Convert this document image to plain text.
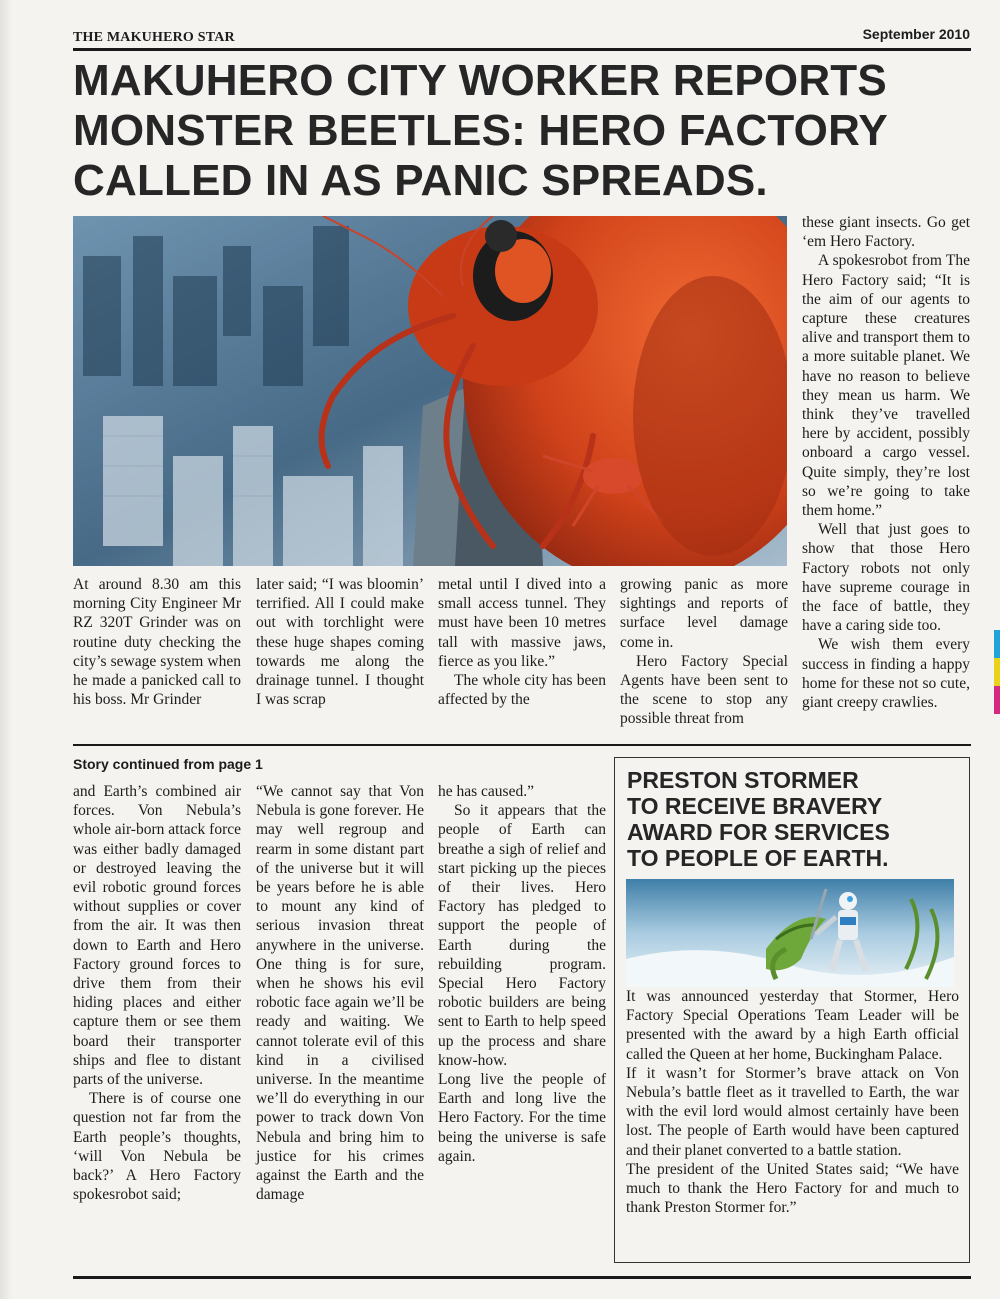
THE MAKUHERO STAR	September 2010
MAKUHERO CITY WORKER REPORTS
MONSTER BEETLES: HERO FACTORY
CALLED IN AS PANIC SPREADS.

At around 8.30 am this morning City Engineer Mr RZ 320T Grinder was on routine duty checking the city’s sewage system when he made a panicked call to his boss. Mr Grinder

later said; “I was bloomin’ terrified. All I could make out with torchlight were these huge shapes coming towards me along the drainage tunnel. I thought I was scrap

metal until I dived into a small access tunnel. They must have been 10 metres tall with massive jaws, fierce as you like.”

The whole city has been affected by the

growing panic as more sightings and reports of surface level damage come in.

Hero Factory Special Agents have been sent to the scene to stop any possible threat from

these giant insects. Go get ‘em Hero Factory.

A spokesrobot from The Hero Factory said; “It is the aim of our agents to capture these creatures alive and transport them to a more suitable planet. We have no reason to believe they mean us harm. We think they’ve travelled here by accident, possibly onboard a cargo vessel. Quite simply, they’re lost so we’re going to take them home.”

Well that just goes to show that those Hero Factory robots not only have supreme courage in the face of battle, they have a caring side too.

We wish them every success in finding a happy home for these not so cute, giant creepy crawlies.

Story continued from page 1

and Earth’s combined air forces. Von Nebula’s whole air-born attack force was either badly damaged or destroyed leaving the evil robotic ground forces without supplies or cover from the air. It was then down to Earth and Hero Factory ground forces to drive them from their hiding places and either capture them or see them board their transporter ships and flee to distant parts of the universe.

There is of course one question not far from the Earth people’s thoughts, ‘will Von Nebula be back?’ A Hero Factory spokesrobot said;

“We cannot say that Von Nebula is gone forever. He may well regroup and rearm in some distant part of the universe but it will be years before he is able to mount any kind of serious invasion threat anywhere in the universe. One thing is for sure, when he shows his evil robotic face again we’ll be ready and waiting. We cannot tolerate evil of this kind in a civilised universe. In the meantime we’ll do everything in our power to track down Von Nebula and bring him to justice for his crimes against the Earth and the damage

he has caused.”

So it appears that the people of Earth can breathe a sigh of relief and start picking up the pieces of their lives. Hero Factory has pledged to support the people of Earth during the rebuilding program. Special Hero Factory robotic builders are being sent to Earth to help speed up the process and share know-how.

Long live the people of Earth and long live the Hero Factory. For the time being the universe is safe again.

PRESTON STORMER
TO RECEIVE BRAVERY
AWARD FOR SERVICES
TO PEOPLE OF EARTH.

It was announced yesterday that Stormer, Hero Factory Special Operations Team Leader will be presented with the award by a high Earth official called the Queen at her home, Buckingham Palace.

If it wasn’t for Stormer’s brave attack on Von Nebula’s battle fleet as it travelled to Earth, the war with the evil lord would almost certainly have been lost. The people of Earth would have been captured and their planet converted to a battle station.

The president of the United States said; “We have much to thank the Hero Factory for and much to thank Preston Stormer for.”
